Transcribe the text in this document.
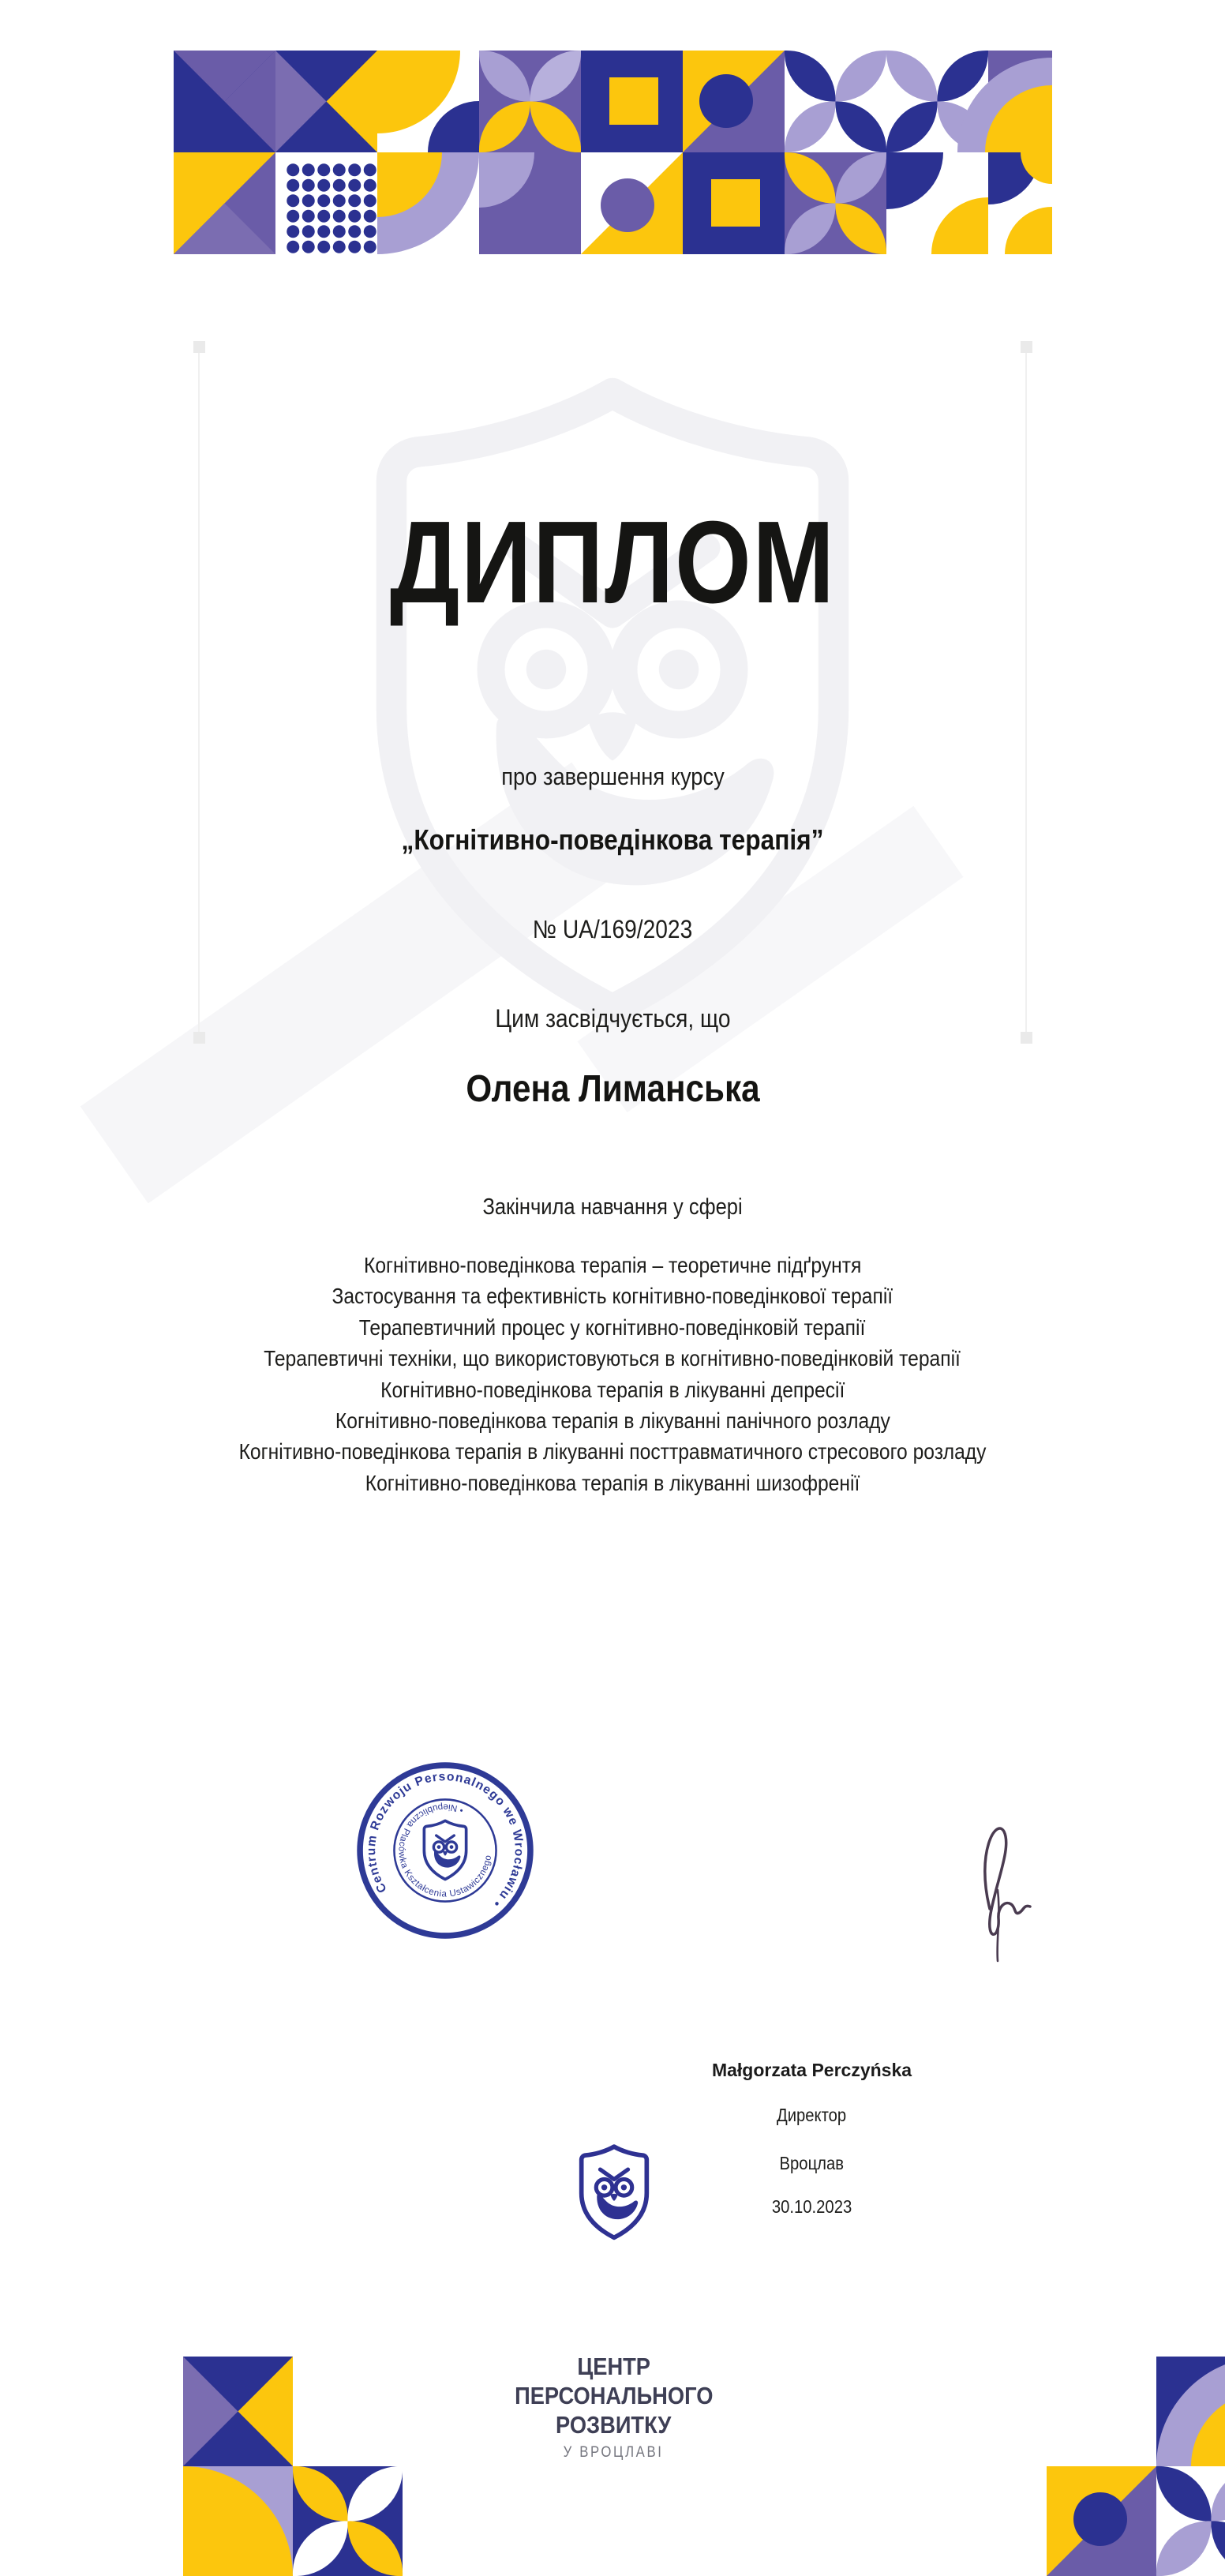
ДИПЛОМ
про завершення курсу
„Когнітивно-поведінкова терапія”
№ UA/169/2023
Цим засвідчується, що
Олена Лиманська
Закінчила навчання у сфері
Когнітивно-поведінкова терапія – теоретичне підґрунтя
Застосування та ефективність когнітивно-поведінкової терапії
Терапевтичний процес у когнітивно-поведінковій терапії
Терапевтичні техніки, що використовуються в когнітивно-поведінковій терапії
Когнітивно-поведінкова терапія в лікуванні депресії
Когнітивно-поведінкова терапія в лікуванні панічного розладу
Когнітивно-поведінкова терапія в лікуванні посттравматичного стресового розладу
Когнітивно-поведінкова терапія в лікуванні шизофренії
Centrum Rozwoju Personalnego we Wrocławiu •
• Niepubliczna Placówka Kształcenia Ustawicznego

Małgorzata Perczyńska
Директор
Вроцлав
30.10.2023
ЦЕНТР
ПЕРСОНАЛЬНОГО
РОЗВИТКУ
У ВРОЦЛАВІ
